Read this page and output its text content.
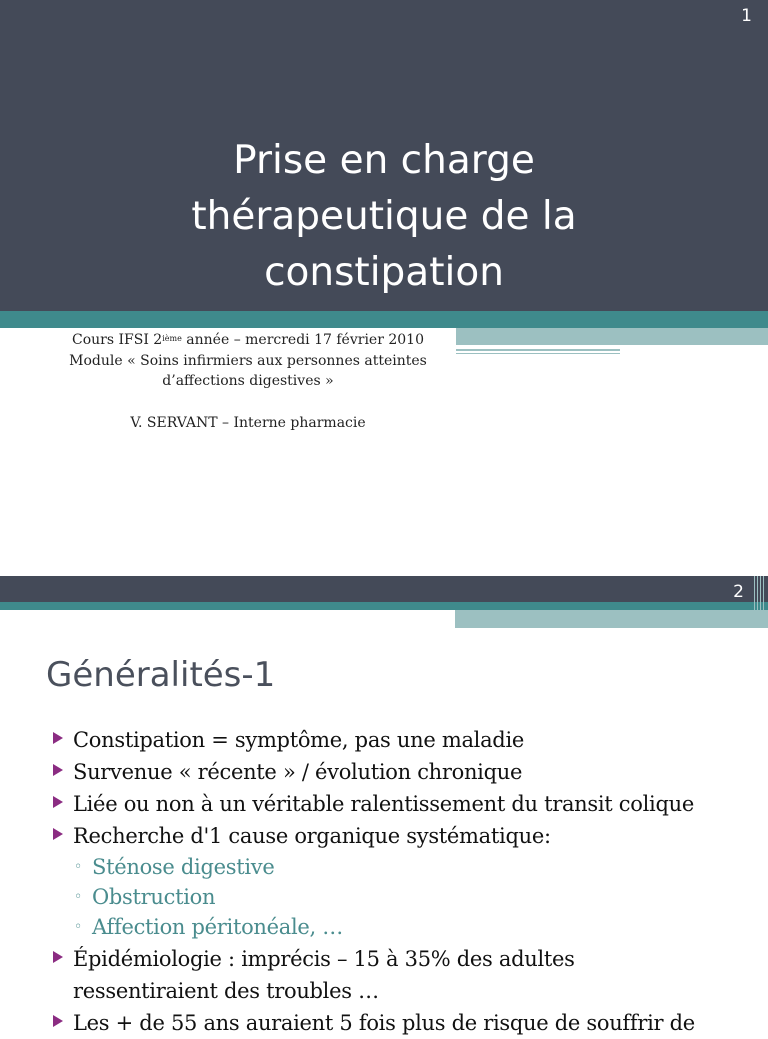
1
Prise en charge
thérapeutique de la
constipation
Cours IFSI 2ième année – mercredi 17 février 2010
Module « Soins infirmiers aux personnes atteintes
d’affections digestives »
V. SERVANT – Interne pharmacie
2
Généralités-1
Constipation = symptôme, pas une maladie
Survenue « récente » / évolution chronique
Liée ou non à un véritable ralentissement du transit colique
Recherche d'1 cause organique systématique:
◦ Sténose digestive
◦ Obstruction
◦ Affection péritonéale, …
Épidémiologie : imprécis – 15 à 35% des adultes
ressentiraient des troubles …
Les + de 55 ans auraient 5 fois plus de risque de souffrir de
